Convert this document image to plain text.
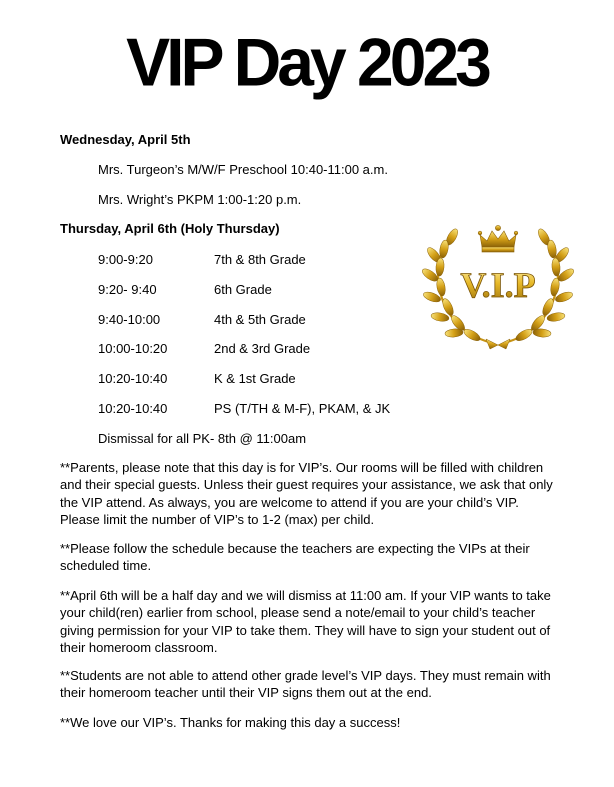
VIP Day 2023
Wednesday, April 5th
Mrs. Turgeon’s M/W/F Preschool 10:40-11:00 a.m.
Mrs. Wright’s PKPM 1:00-1:20 p.m.
Thursday, April 6th (Holy Thursday)
9:00-9:20	7th & 8th Grade
9:20- 9:40	6th Grade
9:40-10:00	4th & 5th Grade
10:00-10:20	2nd & 3rd Grade
10:20-10:40	K & 1st Grade
10:20-10:40	PS (T/TH & M-F), PKAM, & JK
Dismissal for all PK- 8th @ 11:00am
V.I.P
**Parents, please note that this day is for VIP’s. Our rooms will be filled with children and their special guests. Unless their guest requires your assistance, we ask that only the VIP attend. As always, you are welcome to attend if you are your child’s VIP. Please limit the number of VIP’s to 1-2 (max) per child.
**Please follow the schedule because the teachers are expecting the VIPs at their scheduled time.
**April 6th will be a half day and we will dismiss at 11:00 am. If your VIP wants to take your child(ren) earlier from school, please send a note/email to your child’s teacher giving permission for your VIP to take them. They will have to sign your student out of their homeroom classroom.
**Students are not able to attend other grade level’s VIP days. They must remain with their homeroom teacher until their VIP signs them out at the end.
**We love our VIP’s. Thanks for making this day a success!
